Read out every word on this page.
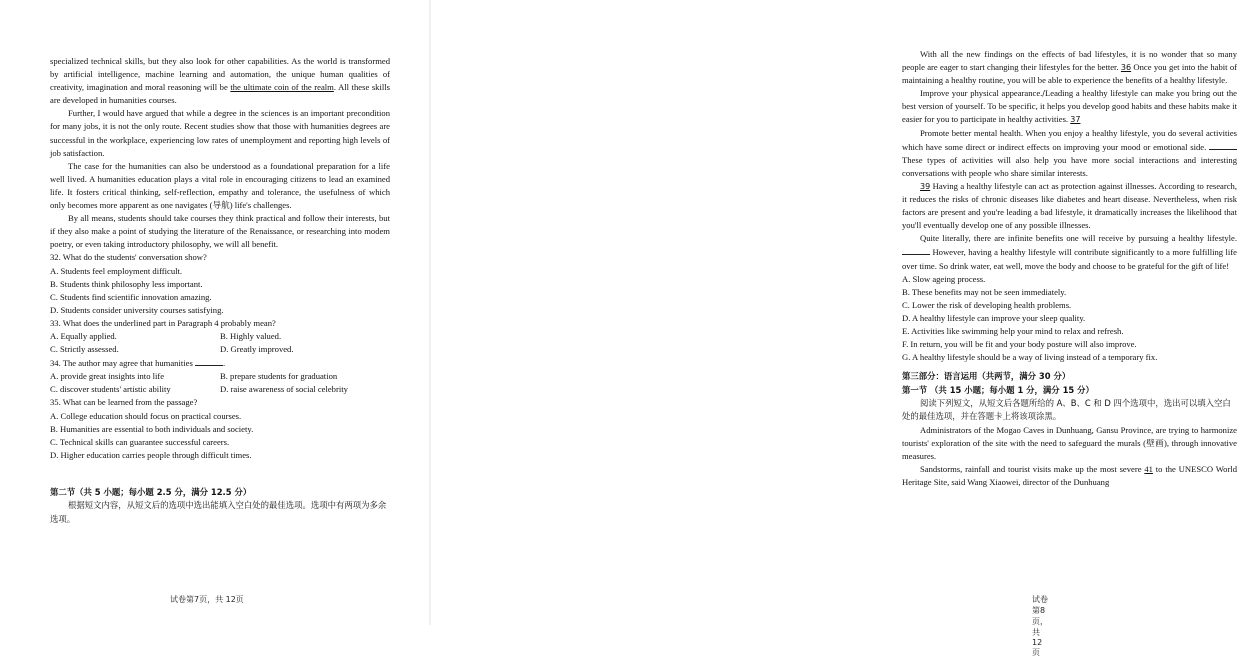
specialized technical skills, but they also look for other capabilities. As the world is transformed by artificial intelligence, machine learning and automation, the unique human qualities of creativity, imagination and moral reasoning will be the ultimate coin of the realm. All these skills are developed in humanities courses.

Further, I would have argued that while a degree in the sciences is an important precondition for many jobs, it is not the only route. Recent studies show that those with humanities degrees are successful in the workplace, experiencing low rates of unemployment and reporting high levels of job satisfaction.

The case for the humanities can also be understood as a foundational preparation for a life well lived. A humanities education plays a vital role in encouraging citizens to lead an examined life. It fosters critical thinking, self-reflection, empathy and tolerance, the usefulness of which only becomes more apparent as one navigates (导航) life's challenges.

By all means, students should take courses they think practical and follow their interests, but if they also make a point of studying the literature of the Renaissance, or researching into modem poetry, or even taking introductory philosophy, we will all benefit.

32. What do the students' conversation show?
A. Students feel employment difficult.
B. Students think philosophy less important.
C. Students find scientific innovation amazing.
D. Students consider university courses satisfying.
33. What does the underlined part in Paragraph 4 probably mean?
A. Equally applied.	B. Highly valued.
C. Strictly assessed.	D. Greatly improved.
34. The author may agree that humanities	.
A. provide great insights into life	B. prepare students for graduation
C. discover students' artistic ability	D. raise awareness of social celebrity
35. What can be learned from the passage?
A. College education should focus on practical courses.
B. Humanities are essential to both individuals and society.
C. Technical skills can guarantee successful careers.
D. Higher education carries people through difficult times.
第二节（共 5 小题；每小题 2.5 分，满分 12.5 分）
根据短文内容，从短文后的选项中选出能填入空白处的最佳选项。选项中有两项为多余选项。
试卷第7页，共 12页

With all the new findings on the effects of bad lifestyles, it is no wonder that so many people are eager to start changing their lifestyles for the better. 36 Once you get into the habit of maintaining a healthy routine, you will be able to experience the benefits of a healthy lifestyle.

Improve your physical appearance./Leading a healthy lifestyle can make you bring out the best version of yourself. To be specific, it helps you develop good habits and these habits make it easier for you to participate in healthy activities. 37

Promote better mental health. When you enjoy a healthy lifestyle, you do several activities which have some direct or indirect effects on improving your mood or emotional side.  These types of activities will also help you have more social interactions and interesting conversations with people who share similar interests.

39 Having a healthy lifestyle can act as protection against illnesses. According to research, it reduces the risks of chronic diseases like diabetes and heart disease. Nevertheless, when risk factors are present and you're leading a bad lifestyle, it dramatically increases the likelihood that you'll eventually develop one of any possible illnesses.

Quite literally, there are infinite benefits one will receive by pursuing a healthy lifestyle.  However, having a healthy lifestyle will contribute significantly to a more fulfilling life over time. So drink water, eat well, move the body and choose to be grateful for the gift of life!

A. Slow ageing process.
B. These benefits may not be seen immediately.
C. Lower the risk of developing health problems.
D. A healthy lifestyle can improve your sleep quality.
E. Activities like swimming help your mind to relax and refresh.
F. In return, you will be fit and your body posture will also improve.
G. A healthy lifestyle should be a way of living instead of a temporary fix.
第三部分：语言运用（共两节，满分 30 分）
第一节 （共 15 小题；每小题 1 分，满分 15 分）
阅读下列短文，从短文后各题所给的 A、B、C 和 D 四个选项中，选出可以填入空白处的最佳选项，并在答题卡上将该项涂黑。

Administrators of the Mogao Caves in Dunhuang, Gansu Province, are trying to harmonize tourists' exploration of the site with the need to safeguard the murals (壁画), through innovative measures.

Sandstorms, rainfall and tourist visits make up the most severe 41 to the UNESCO World Heritage Site, said Wang Xiaowei, director of the Dunhuang

试卷第8页，共 12页
